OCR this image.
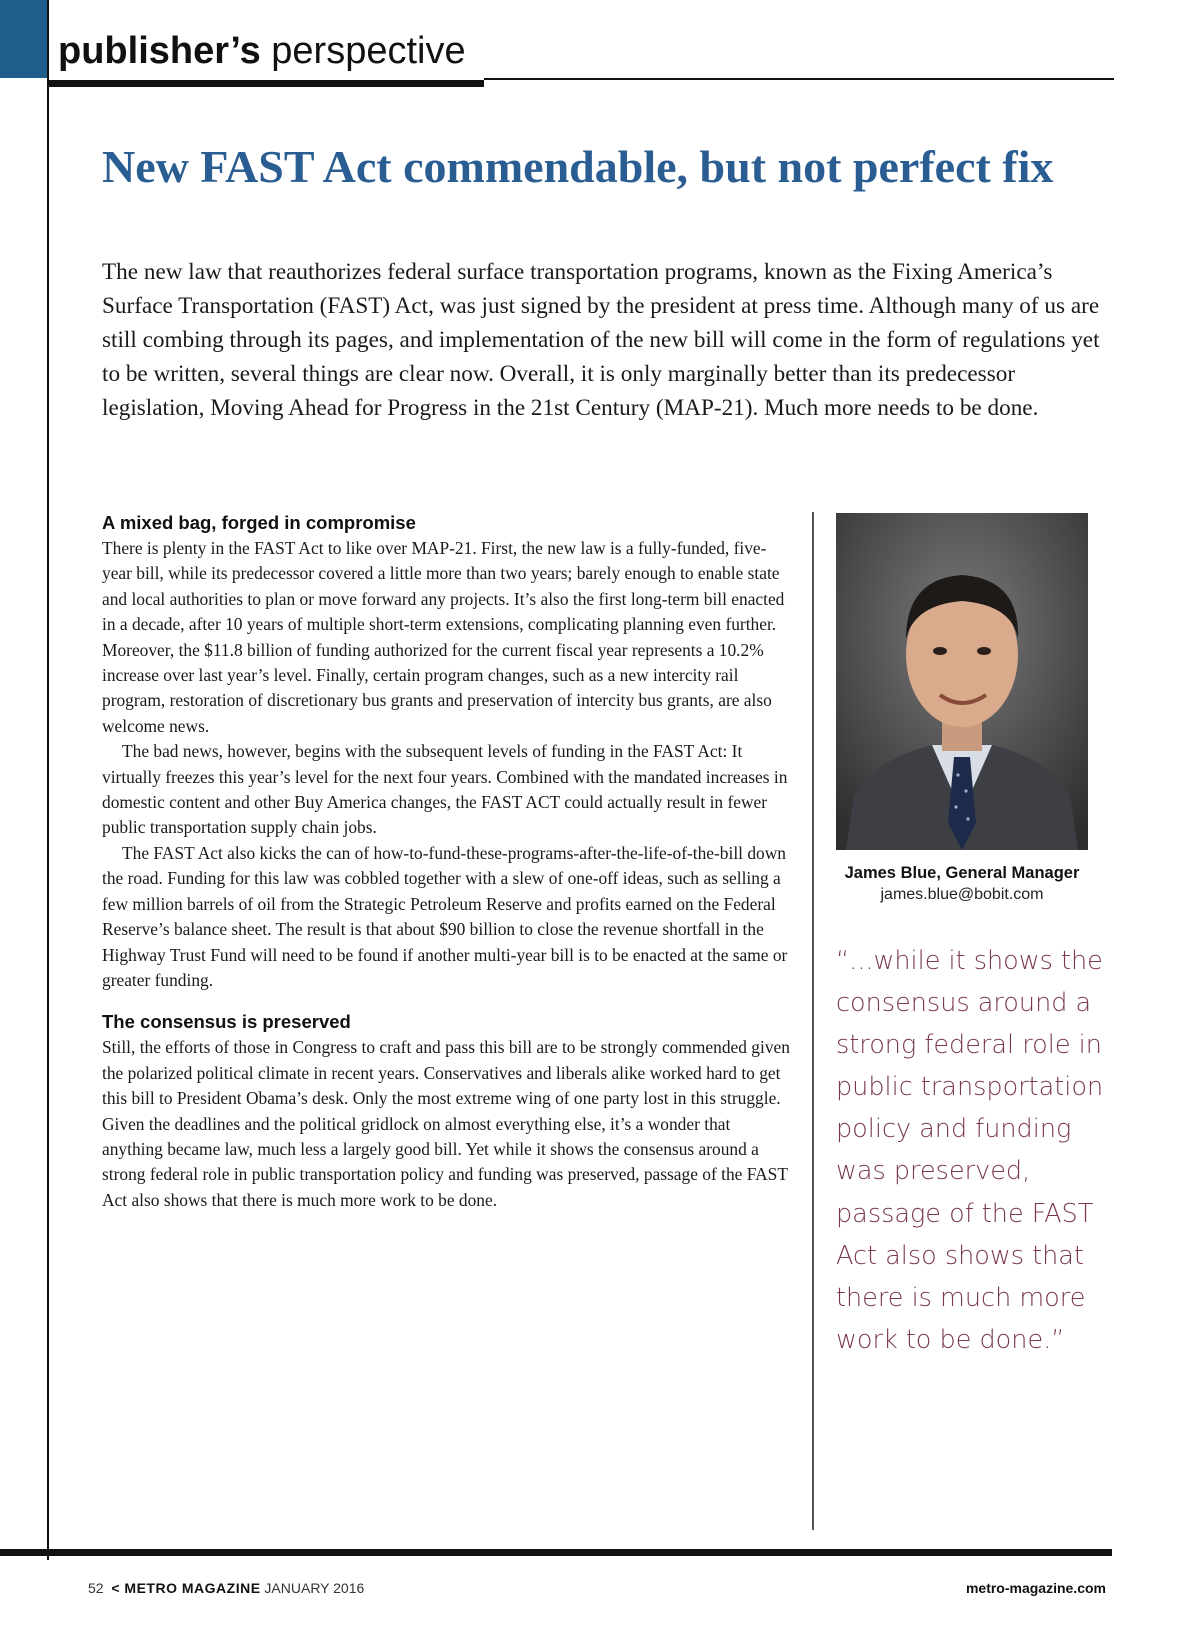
publisher’s perspective
New FAST Act commendable, but not perfect fix

The new law that reauthorizes federal surface transportation programs, known as the Fixing America’s Surface Transportation (FAST) Act, was just signed by the president at press time. Although many of us are still combing through its pages, and implementation of the new bill will come in the form of regulations yet to be written, several things are clear now. Overall, it is only marginally better than its predecessor legislation, Moving Ahead for Progress in the 21st Century (MAP-21). Much more needs to be done.

A mixed bag, forged in compromise

There is plenty in the FAST Act to like over MAP-21. First, the new law is a fully-funded, five-year bill, while its predecessor covered a little more than two years; barely enough to enable state and local authorities to plan or move forward any projects. It’s also the first long-term bill enacted in a decade, after 10 years of multiple short-term extensions, complicating planning even further. Moreover, the $11.8 billion of funding authorized for the current fiscal year represents a 10.2% increase over last year’s level. Finally, certain program changes, such as a new intercity rail program, restoration of discretionary bus grants and preservation of intercity bus grants, are also welcome news.

The bad news, however, begins with the subsequent levels of funding in the FAST Act: It virtually freezes this year’s level for the next four years. Combined with the mandated increases in domestic content and other Buy America changes, the FAST ACT could actually result in fewer public transportation supply chain jobs.

The FAST Act also kicks the can of how-to-fund-these-programs-after-the-life-of-the-bill down the road. Funding for this law was cobbled together with a slew of one-off ideas, such as selling a few million barrels of oil from the Strategic Petroleum Reserve and profits earned on the Federal Reserve’s balance sheet. The result is that about $90 billion to close the revenue shortfall in the Highway Trust Fund will need to be found if another multi-year bill is to be enacted at the same or greater funding.

The consensus is preserved

Still, the efforts of those in Congress to craft and pass this bill are to be strongly commended given the polarized political climate in recent years. Conservatives and liberals alike worked hard to get this bill to President Obama’s desk. Only the most extreme wing of one party lost in this struggle. Given the deadlines and the political gridlock on almost everything else, it’s a wonder that anything became law, much less a largely good bill. Yet while it shows the consensus around a strong federal role in public transportation policy and funding was preserved, passage of the FAST Act also shows that there is much more work to be done.

James Blue, General Manager
james.blue@bobit.com

“...while it shows the consensus around a strong federal role in public transportation policy and funding was preserved, passage of the FAST Act also shows that there is much more work to be done.”

52 < METRO MAGAZINE JANUARY 2016	metro-magazine.com
